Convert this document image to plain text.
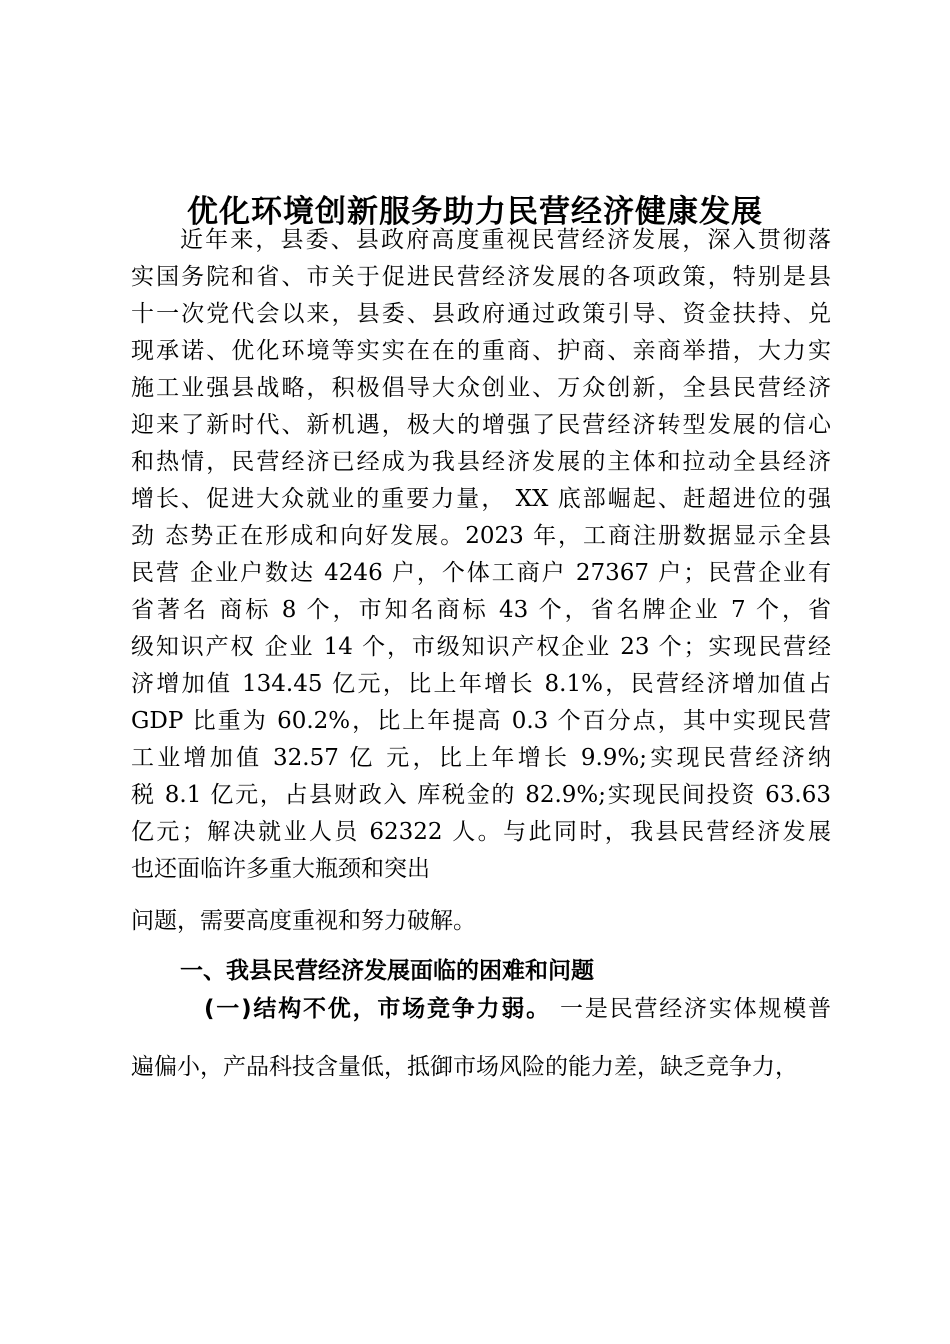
优化环境创新服务助力民营经济健康发展
近年来，县委、县政府高度重视民营经济发展，深入贯彻落
实国务院和省、市关于促进民营经济发展的各项政策，特别是县
十一次党代会以来，县委、县政府通过政策引导、资金扶持、兑
现承诺、优化环境等实实在在的重商、护商、亲商举措，大力实
施工业强县战略，积极倡导大众创业、万众创新，全县民营经济
迎来了新时代、新机遇，极大的增强了民营经济转型发展的信心
和热情，民营经济已经成为我县经济发展的主体和拉动全县经济
增长、促进大众就业的重要力量， XX 底部崛起、赶超进位的强
劲 态势正在形成和向好发展。2023 年，工商注册数据显示全县
民营 企业户数达 4246 户，个体工商户 27367 户；民营企业有
省著名 商标 8 个，市知名商标 43 个，省名牌企业 7 个，省
级知识产权 企业 14 个，市级知识产权企业 23 个；实现民营经
济增加值 134.45 亿元，比上年增长 8.1%，民营经济增加值占
GDP 比重为 60.2%，比上年提高 0.3 个百分点，其中实现民营
工业增加值 32.57 亿 元，比上年增长 9.9%;实现民营经济纳
税 8.1 亿元，占县财政入 库税金的 82.9%;实现民间投资 63.63
亿元；解决就业人员 62322 人。与此同时，我县民营经济发展
也还面临许多重大瓶颈和突出
问题，需要高度重视和努力破解。
一、我县民营经济发展面临的困难和问题
(一)结构不优，市场竞争力弱。 一是民营经济实体规模普
遍偏小，产品科技含量低，抵御市场风险的能力差，缺乏竞争力，
